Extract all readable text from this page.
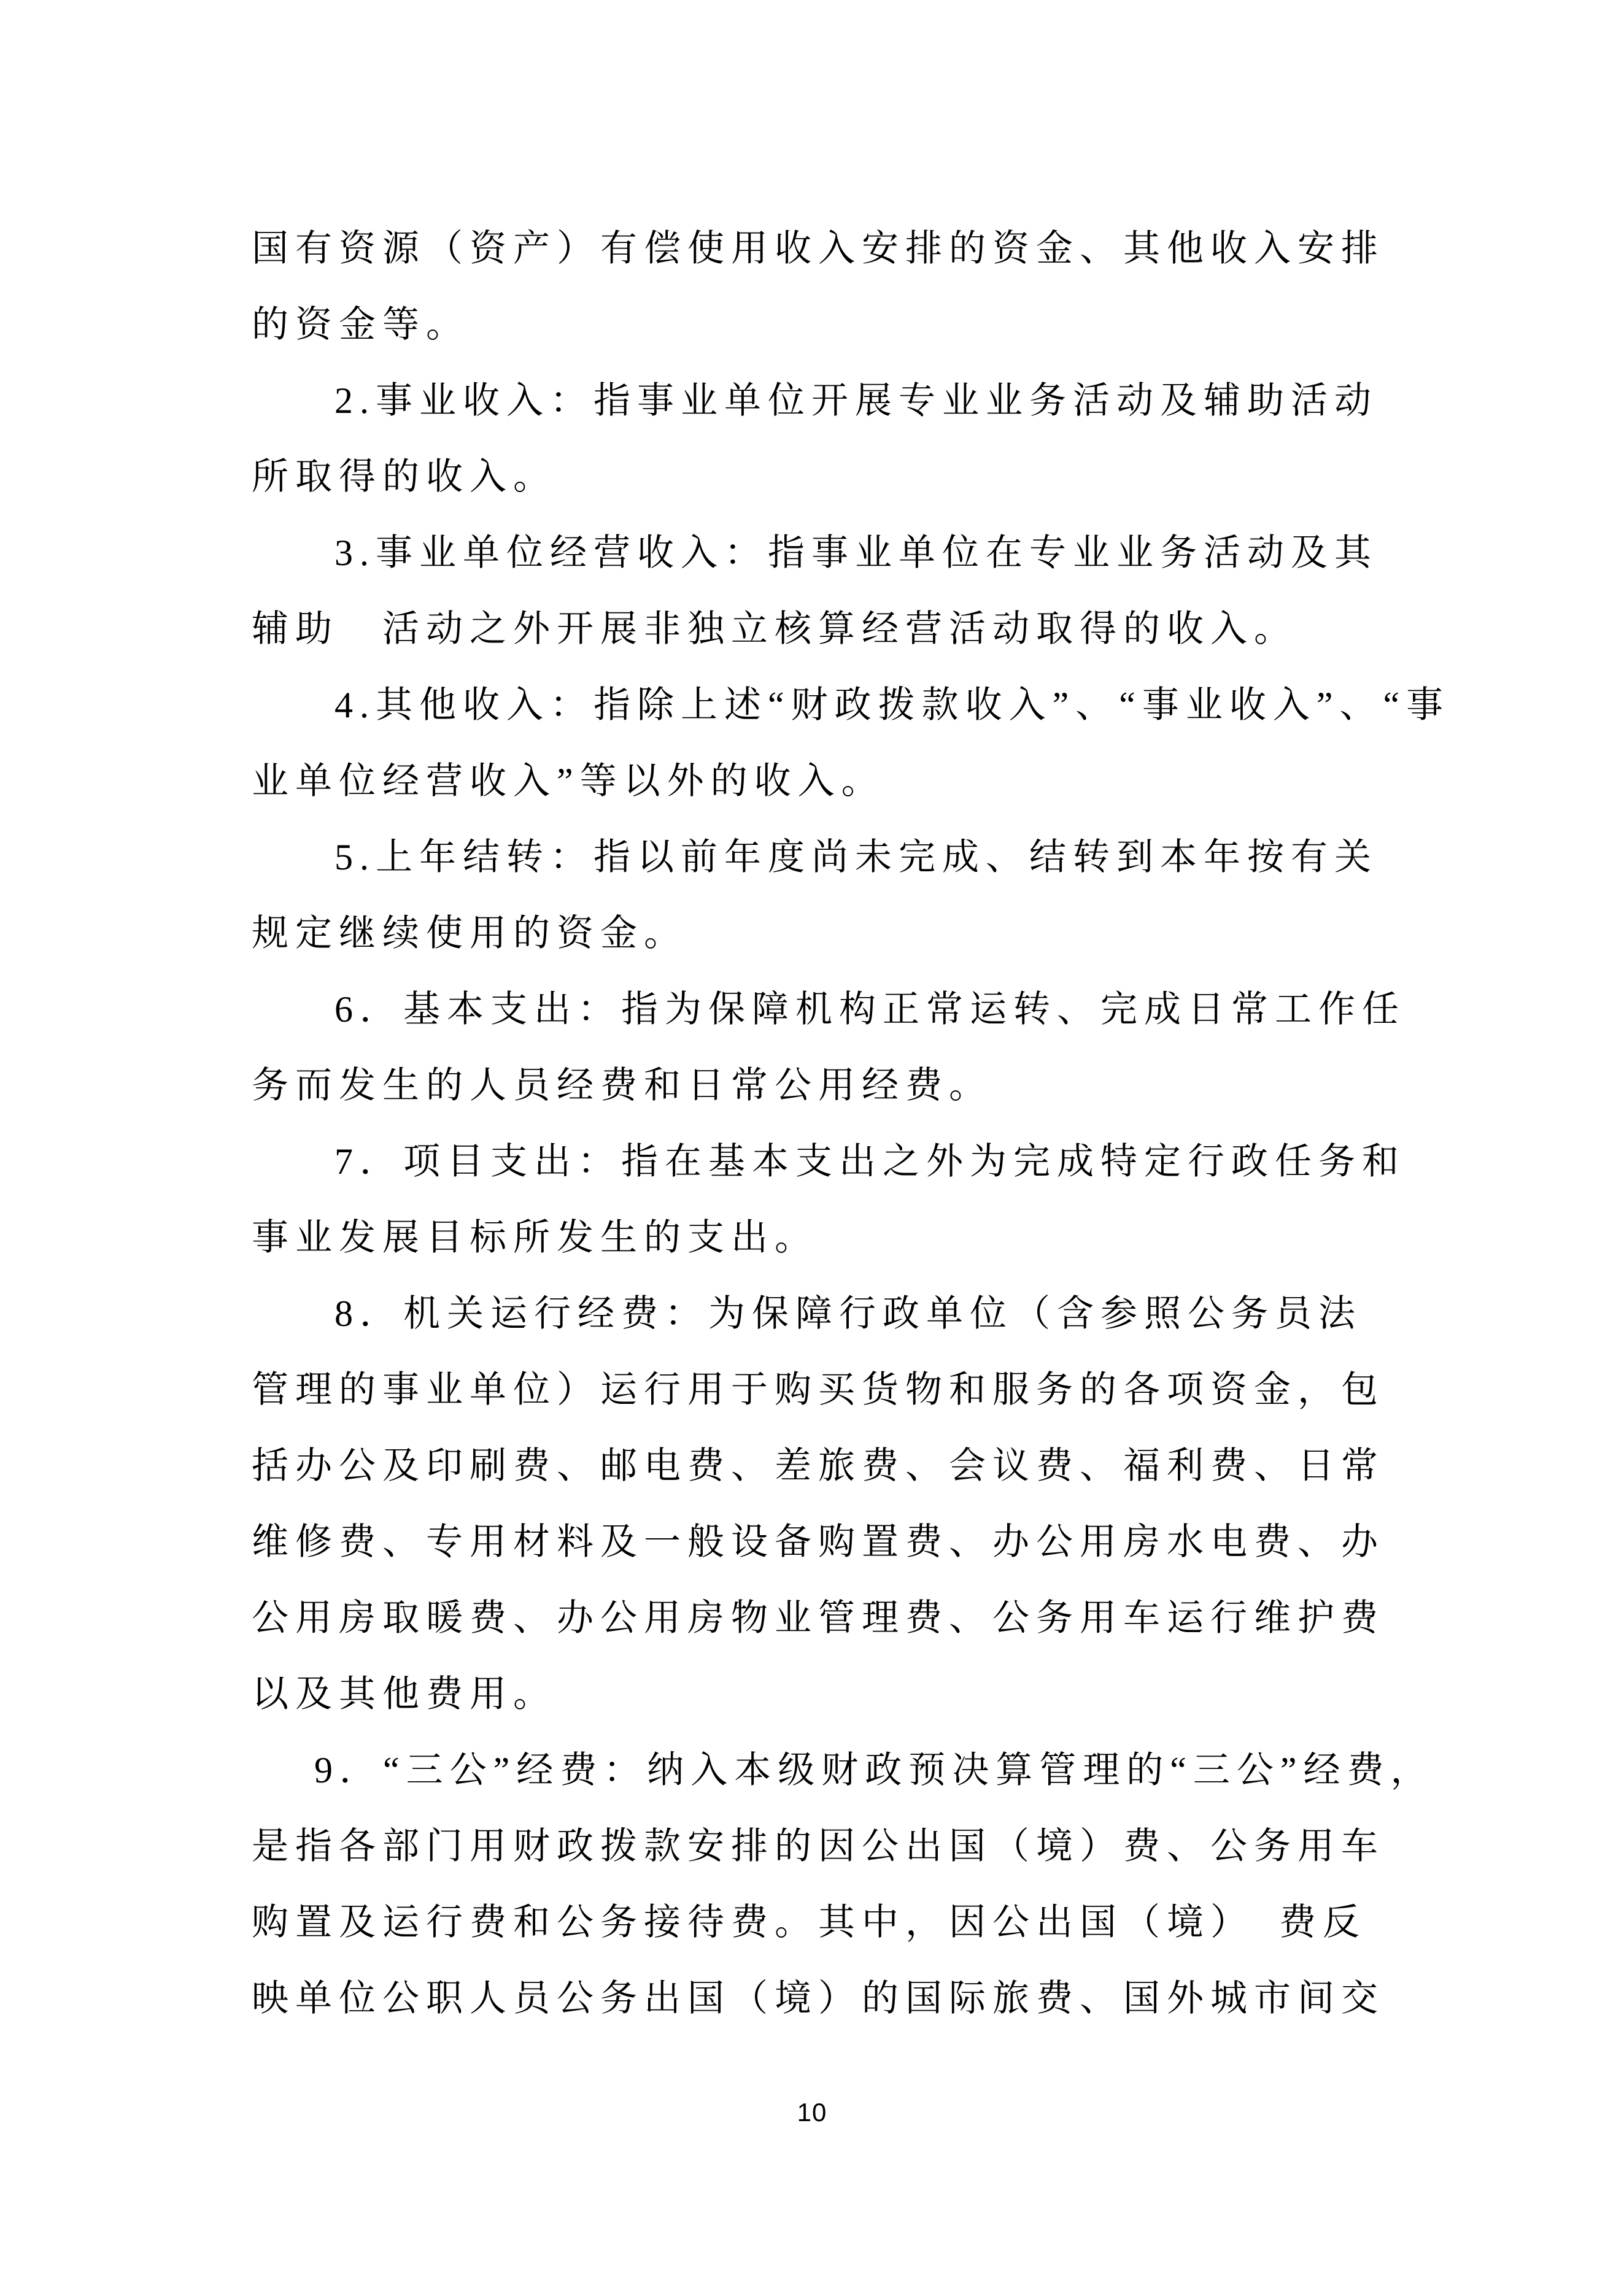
国有资源（资产）有偿使用收入安排的资金、其他收入安排
的资金等。
2.事业收入：指事业单位开展专业业务活动及辅助活动
所取得的收入。
3.事业单位经营收入：指事业单位在专业业务活动及其
辅助　活动之外开展非独立核算经营活动取得的收入。
4.其他收入：指除上述“财政拨款收入”、“事业收入”、“事
业单位经营收入”等以外的收入。
5.上年结转：指以前年度尚未完成、结转到本年按有关
规定继续使用的资金。
6．基本支出：指为保障机构正常运转、完成日常工作任
务而发生的人员经费和日常公用经费。
7．项目支出：指在基本支出之外为完成特定行政任务和
事业发展目标所发生的支出。
8．机关运行经费：为保障行政单位（含参照公务员法
管理的事业单位）运行用于购买货物和服务的各项资金，包
括办公及印刷费、邮电费、差旅费、会议费、福利费、日常
维修费、专用材料及一般设备购置费、办公用房水电费、办
公用房取暖费、办公用房物业管理费、公务用车运行维护费
以及其他费用。
9．“三公”经费：纳入本级财政预决算管理的“三公”经费，
是指各部门用财政拨款安排的因公出国（境）费、公务用车
购置及运行费和公务接待费。其中，因公出国（境）　费反
映单位公职人员公务出国（境）的国际旅费、国外城市间交
10
